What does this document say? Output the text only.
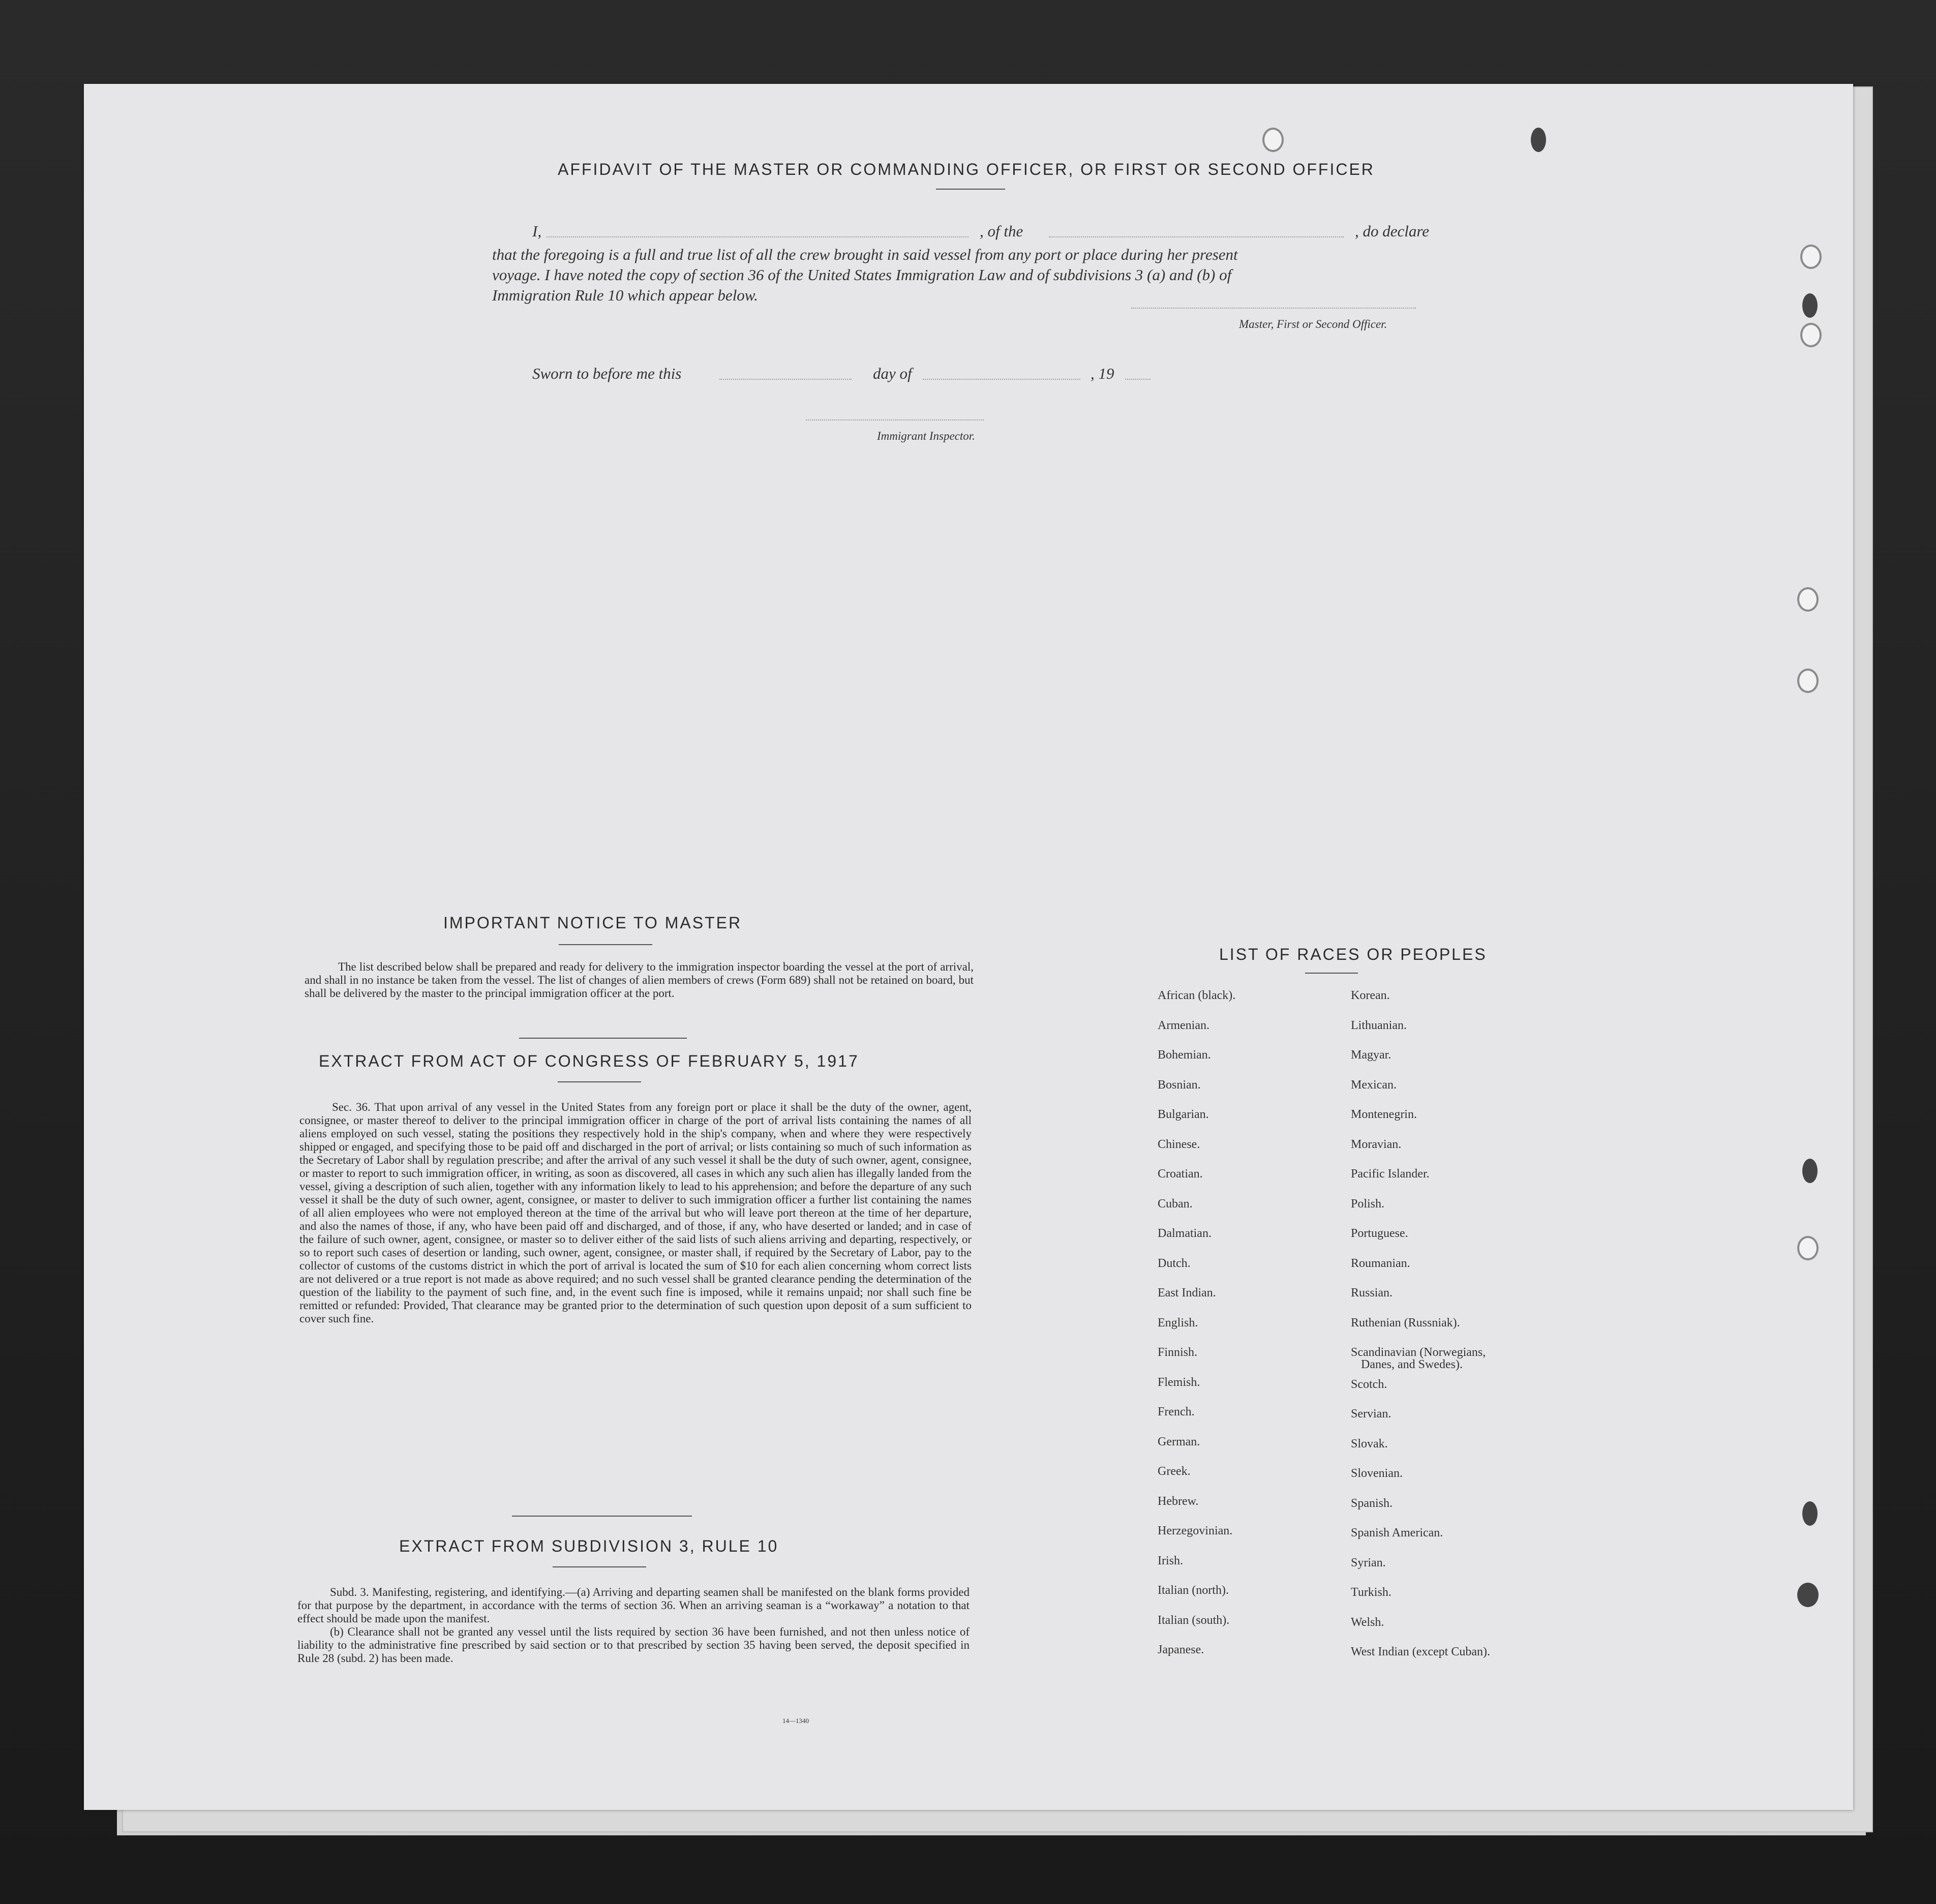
AFFIDAVIT OF THE MASTER OR COMMANDING OFFICER, OR FIRST OR SECOND OFFICER
I,	, of the	, do declare
that the foregoing is a full and true list of all the crew brought in said vessel from any port or place during her present
voyage. I have noted the copy of section 36 of the United States Immigration Law and of subdivisions 3 (a) and (b) of
Immigration Rule 10 which appear below.
Master, First or Second Officer.
Sworn to before me this	day of	, 19
Immigrant Inspector.
IMPORTANT NOTICE TO MASTER
The list described below shall be prepared and ready for delivery to the immigration inspector boarding the vessel at the port of arrival, and shall in no instance be taken from the vessel. The list of changes of alien members of crews (Form 689) shall not be retained on board, but shall be delivered by the master to the principal immigration officer at the port.
EXTRACT FROM ACT OF CONGRESS OF FEBRUARY 5, 1917
Sec. 36. That upon arrival of any vessel in the United States from any foreign port or place it shall be the duty of the owner, agent, consignee, or master thereof to deliver to the principal immigration officer in charge of the port of arrival lists containing the names of all aliens employed on such vessel, stating the positions they respectively hold in the ship's company, when and where they were respectively shipped or engaged, and specifying those to be paid off and discharged in the port of arrival; or lists containing so much of such information as the Secretary of Labor shall by regulation prescribe; and after the arrival of any such vessel it shall be the duty of such owner, agent, consignee, or master to report to such immigration officer, in writing, as soon as discovered, all cases in which any such alien has illegally landed from the vessel, giving a description of such alien, together with any information likely to lead to his apprehension; and before the departure of any such vessel it shall be the duty of such owner, agent, consignee, or master to deliver to such immigration officer a further list containing the names of all alien employees who were not employed thereon at the time of the arrival but who will leave port thereon at the time of her departure, and also the names of those, if any, who have been paid off and discharged, and of those, if any, who have deserted or landed; and in case of the failure of such owner, agent, consignee, or master so to deliver either of the said lists of such aliens arriving and departing, respectively, or so to report such cases of desertion or landing, such owner, agent, consignee, or master shall, if required by the Secretary of Labor, pay to the collector of customs of the customs district in which the port of arrival is located the sum of $10 for each alien concerning whom correct lists are not delivered or a true report is not made as above required; and no such vessel shall be granted clearance pending the determination of the question of the liability to the payment of such fine, and, in the event such fine is imposed, while it remains unpaid; nor shall such fine be remitted or refunded: Provided, That clearance may be granted prior to the determination of such question upon deposit of a sum sufficient to cover such fine.
EXTRACT FROM SUBDIVISION 3, RULE 10

Subd. 3. Manifesting, registering, and identifying.—(a) Arriving and departing seamen shall be manifested on the blank forms provided for that purpose by the department, in accordance with the terms of section 36. When an arriving seaman is a “workaway” a notation to that effect should be made upon the manifest.

(b) Clearance shall not be granted any vessel until the lists required by section 36 have been furnished, and not then unless notice of liability to the administrative fine prescribed by said section or to that prescribed by section 35 having been served, the deposit specified in Rule 28 (subd. 2) has been made.

14—1340
LIST OF RACES OR PEOPLES
African (black).
Armenian.
Bohemian.
Bosnian.
Bulgarian.
Chinese.
Croatian.
Cuban.
Dalmatian.
Dutch.
East Indian.
English.
Finnish.
Flemish.
French.
German.
Greek.
Hebrew.
Herzegovinian.
Irish.
Italian (north).
Italian (south).
Japanese.
Korean.
Lithuanian.
Magyar.
Mexican.
Montenegrin.
Moravian.
Pacific Islander.
Polish.
Portuguese.
Roumanian.
Russian.
Ruthenian (Russniak).
Scandinavian (Norwegians,
Scotch.
Servian.
Slovak.
Slovenian.
Spanish.
Spanish American.
Syrian.
Turkish.
Welsh.
West Indian (except Cuban).
Danes, and Swedes).
